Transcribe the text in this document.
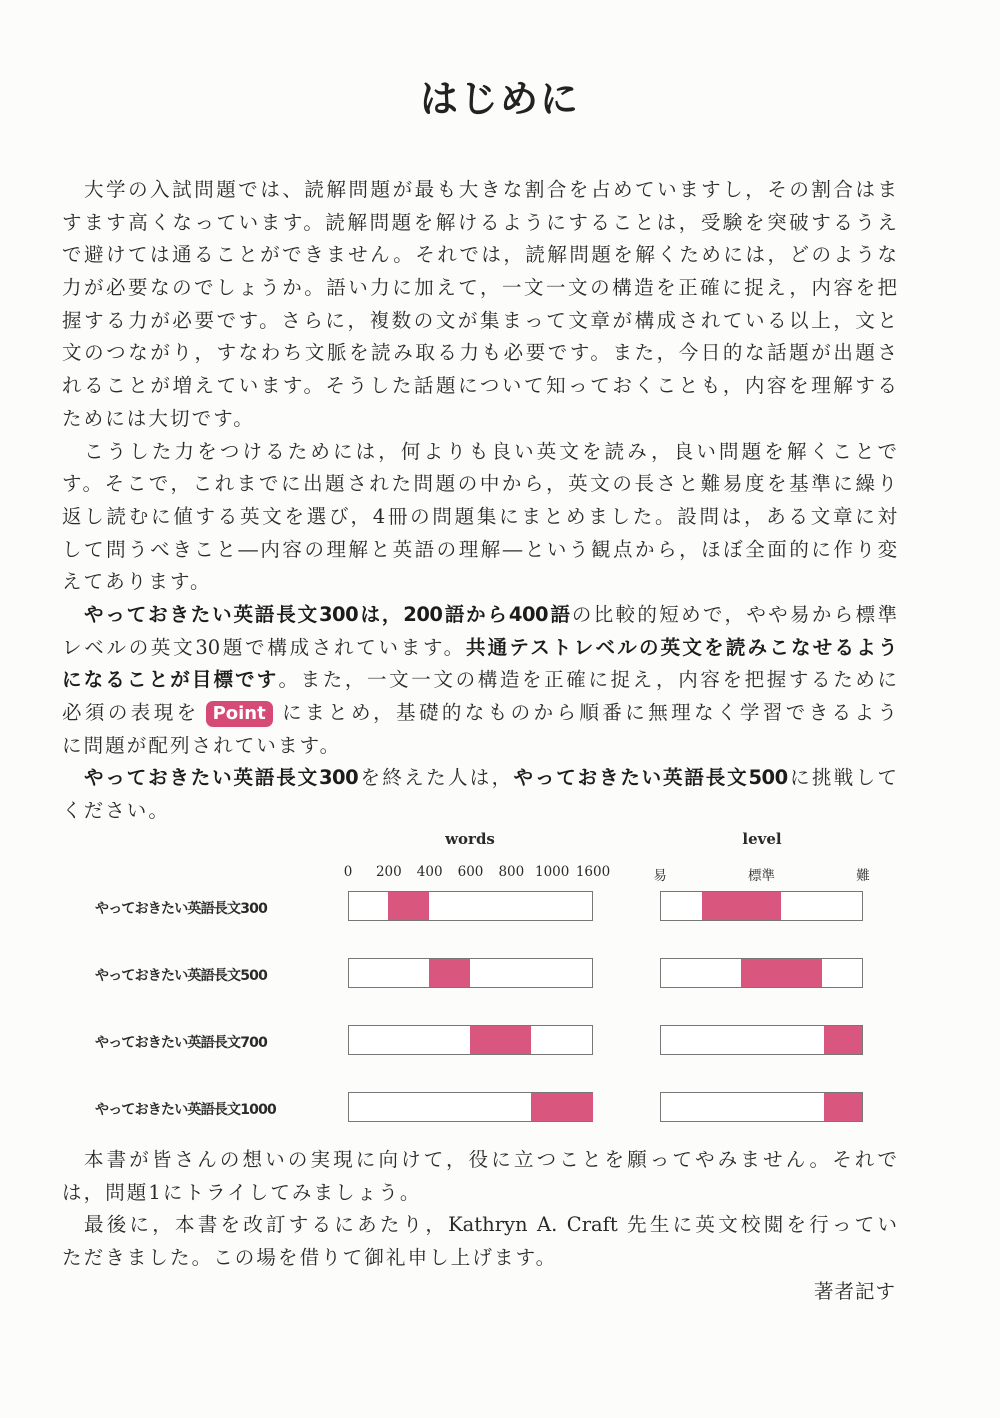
はじめに
大学の入試問題では、読解問題が最も大きな割合を占めていますし，その割合はま
すます高くなっています。読解問題を解けるようにすることは，受験を突破するうえ
で避けては通ることができません。それでは，読解問題を解くためには，どのような
力が必要なのでしょうか。語い力に加えて，一文一文の構造を正確に捉え，内容を把
握する力が必要です。さらに，複数の文が集まって文章が構成されている以上，文と
文のつながり，すなわち文脈を読み取る力も必要です。また，今日的な話題が出題さ
れることが増えています。そうした話題について知っておくことも，内容を理解する
ためには大切です。
こうした力をつけるためには，何よりも良い英文を読み，良い問題を解くことで
す。そこで，これまでに出題された問題の中から，英文の長さと難易度を基準に繰り
返し読むに値する英文を選び，4冊の問題集にまとめました。設問は，ある文章に対
して問うべきこと―内容の理解と英語の理解―という観点から，ほぼ全面的に作り変
えてあります。
やっておきたい英語長文300は，200語から400語の比較的短めで，やや易から標準
レベルの英文30題で構成されています。共通テストレベルの英文を読みこなせるよう
になることが目標です。また，一文一文の構造を正確に捉え，内容を把握するために
必須の表現を Point にまとめ，基礎的なものから順番に無理なく学習できるよう
に問題が配列されています。
やっておきたい英語長文300を終えた人は，やっておきたい英語長文500に挑戦して
ください。
本書が皆さんの想いの実現に向けて，役に立つことを願ってやみません。それで
は，問題1にトライしてみましょう。
最後に，本書を改訂するにあたり，Kathryn A. Craft 先生に英文校閲を行ってい
ただきました。この場を借りて御礼申し上げます。
著者記す
words	level
0 200 400 600 800 1000 1600	易	標準	難
やっておきたい英語長文300
やっておきたい英語長文500
やっておきたい英語長文700
やっておきたい英語長文1000
